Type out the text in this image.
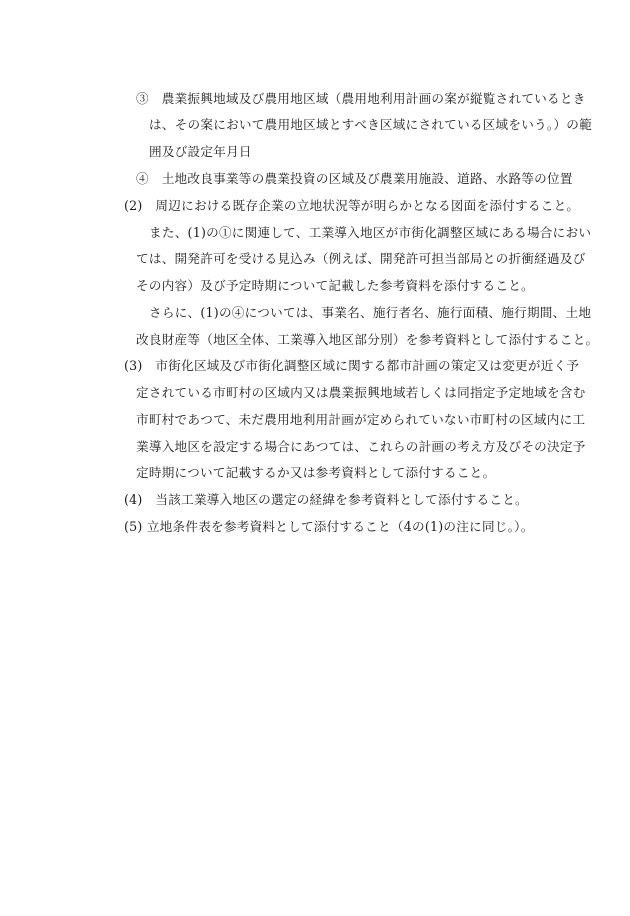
③　農業振興地域及び農用地区域（農用地利用計画の案が縦覧されているとき
は、その案において農用地区域とすべき区域にされている区域をいう。）の範
囲及び設定年月日
④　土地改良事業等の農業投資の区域及び農業用施設、道路、水路等の位置
(2)　周辺における既存企業の立地状況等が明らかとなる図面を添付すること。
また、(1)の①に関連して、工業導入地区が市街化調整区域にある場合におい
ては、開発許可を受ける見込み（例えば、開発許可担当部局との折衝経過及び
その内容）及び予定時期について記載した参考資料を添付すること。
さらに、(1)の④については、事業名、施行者名、施行面積、施行期間、土地
改良財産等（地区全体、工業導入地区部分別）を参考資料として添付すること。
(3)　市街化区域及び市街化調整区域に関する都市計画の策定又は変更が近く予
定されている市町村の区域内又は農業振興地域若しくは同指定予定地域を含む
市町村であつて、未だ農用地利用計画が定められていない市町村の区域内に工
業導入地区を設定する場合にあつては、これらの計画の考え方及びその決定予
定時期について記載するか又は参考資料として添付すること。
(4)　当該工業導入地区の選定の経緯を参考資料として添付すること。
(5) 立地条件表を参考資料として添付すること（4の(1)の注に同じ。）。
